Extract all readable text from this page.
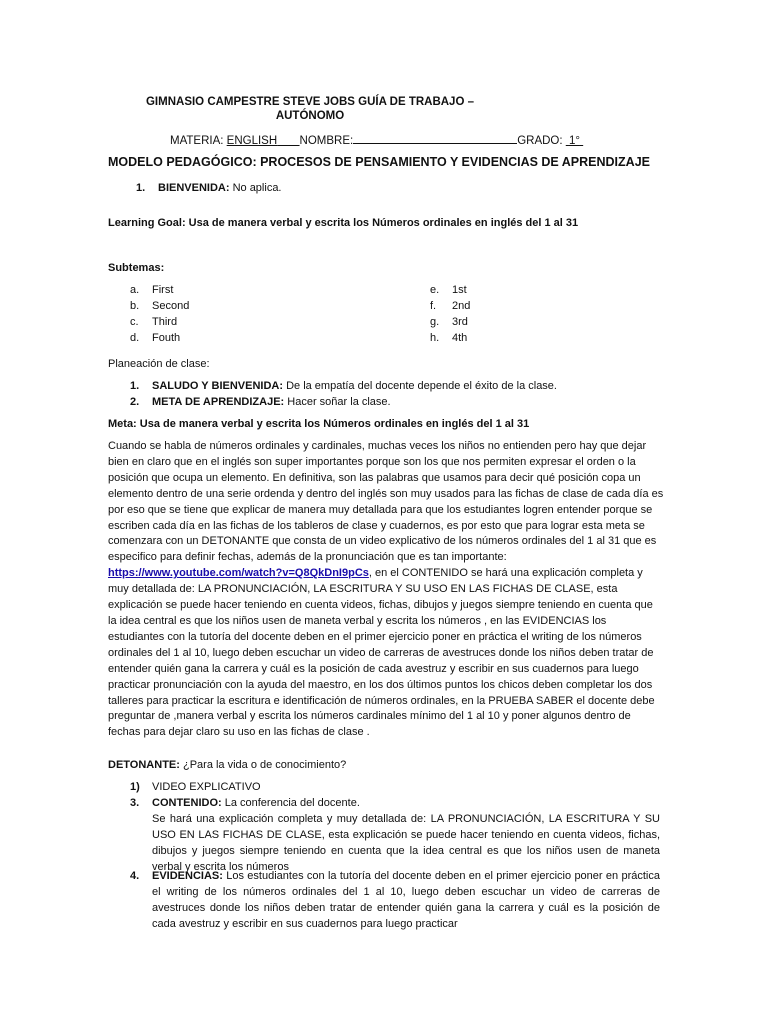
GIMNASIO CAMPESTRE STEVE JOBS GUÍA DE TRABAJO –
AUTÓNOMO
MATERIA: ENGLISH NOMBRE:	GRADO:  1°
MODELO PEDAGÓGICO: PROCESOS DE PENSAMIENTO Y EVIDENCIAS DE APRENDIZAJE
1. BIENVENIDA: No aplica.
Learning Goal: Usa de manera verbal y escrita los Números ordinales en inglés del 1 al 31
Subtemas:
a. First
b. Second
c. Third
d. Fouth
e. 1st
f. 2nd
g. 3rd
h. 4th
Planeación de clase:
1. SALUDO Y BIENVENIDA: De la empatía del docente depende el éxito de la clase.
2. META DE APRENDIZAJE: Hacer soñar la clase.
Meta: Usa de manera verbal y escrita los Números ordinales en inglés del 1 al 31
Cuando se habla de números ordinales y cardinales, muchas veces los niños no entienden pero hay que dejar bien en claro que en el inglés son super importantes porque son los que nos permiten expresar el orden o la posición que ocupa un elemento. En definitiva, son las palabras que usamos para decir qué posición copa un elemento dentro de una serie ordenda y dentro del inglés son muy usados para las fichas de clase de cada día es por eso que se tiene que explicar de manera muy detallada para que los estudiantes logren entender porque se escriben cada día en las fichas de los tableros de clase y cuadernos, es por esto que para lograr esta meta se comenzara con un DETONANTE que consta de un video explicativo de los números ordinales del 1 al 31 que es especifico para definir fechas, además de la pronunciación que es tan importante: https://www.youtube.com/watch?v=Q8QkDnI9pCs, en el CONTENIDO se hará una explicación completa y muy detallada de: LA PRONUNCIACIÓN, LA ESCRITURA Y SU USO EN LAS FICHAS DE CLASE, esta explicación se puede hacer teniendo en cuenta videos, fichas, dibujos y juegos siempre teniendo en cuenta que la idea central es que los niños usen de maneta verbal y escrita los números , en las EVIDENCIAS los estudiantes con la tutoría del docente deben en el primer ejercicio poner en práctica el writing de los números ordinales del 1 al 10, luego deben escuchar un video de carreras de avestruces donde los niños deben tratar de entender quién gana la carrera y cuál es la posición de cada avestruz y escribir en sus cuadernos para luego practicar pronunciación con la ayuda del maestro, en los dos últimos puntos los chicos deben completar los dos talleres para practicar la escritura e identificación de números ordinales, en la PRUEBA SABER el docente debe preguntar de ,manera verbal y escrita los números cardinales mínimo del 1 al 10 y poner algunos dentro de fechas para dejar claro su uso en las fichas de clase .
DETONANTE: ¿Para la vida o de conocimiento?
1) VIDEO EXPLICATIVO
3. CONTENIDO: La conferencia del docente.
Se hará una explicación completa y muy detallada de: LA PRONUNCIACIÓN, LA ESCRITURA Y SU USO EN LAS FICHAS DE CLASE, esta explicación se puede hacer teniendo en cuenta videos, fichas, dibujos y juegos siempre teniendo en cuenta que la idea central es que los niños usen de maneta verbal y escrita los números
4.	EVIDENCIAS: Los estudiantes con la tutoría del docente deben en el primer ejercicio poner en práctica el writing de los números ordinales del 1 al 10, luego deben escuchar un video de carreras de avestruces donde los niños deben tratar de entender quién gana la carrera y cuál es la posición de cada avestruz y escribir en sus cuadernos para luego practicar
